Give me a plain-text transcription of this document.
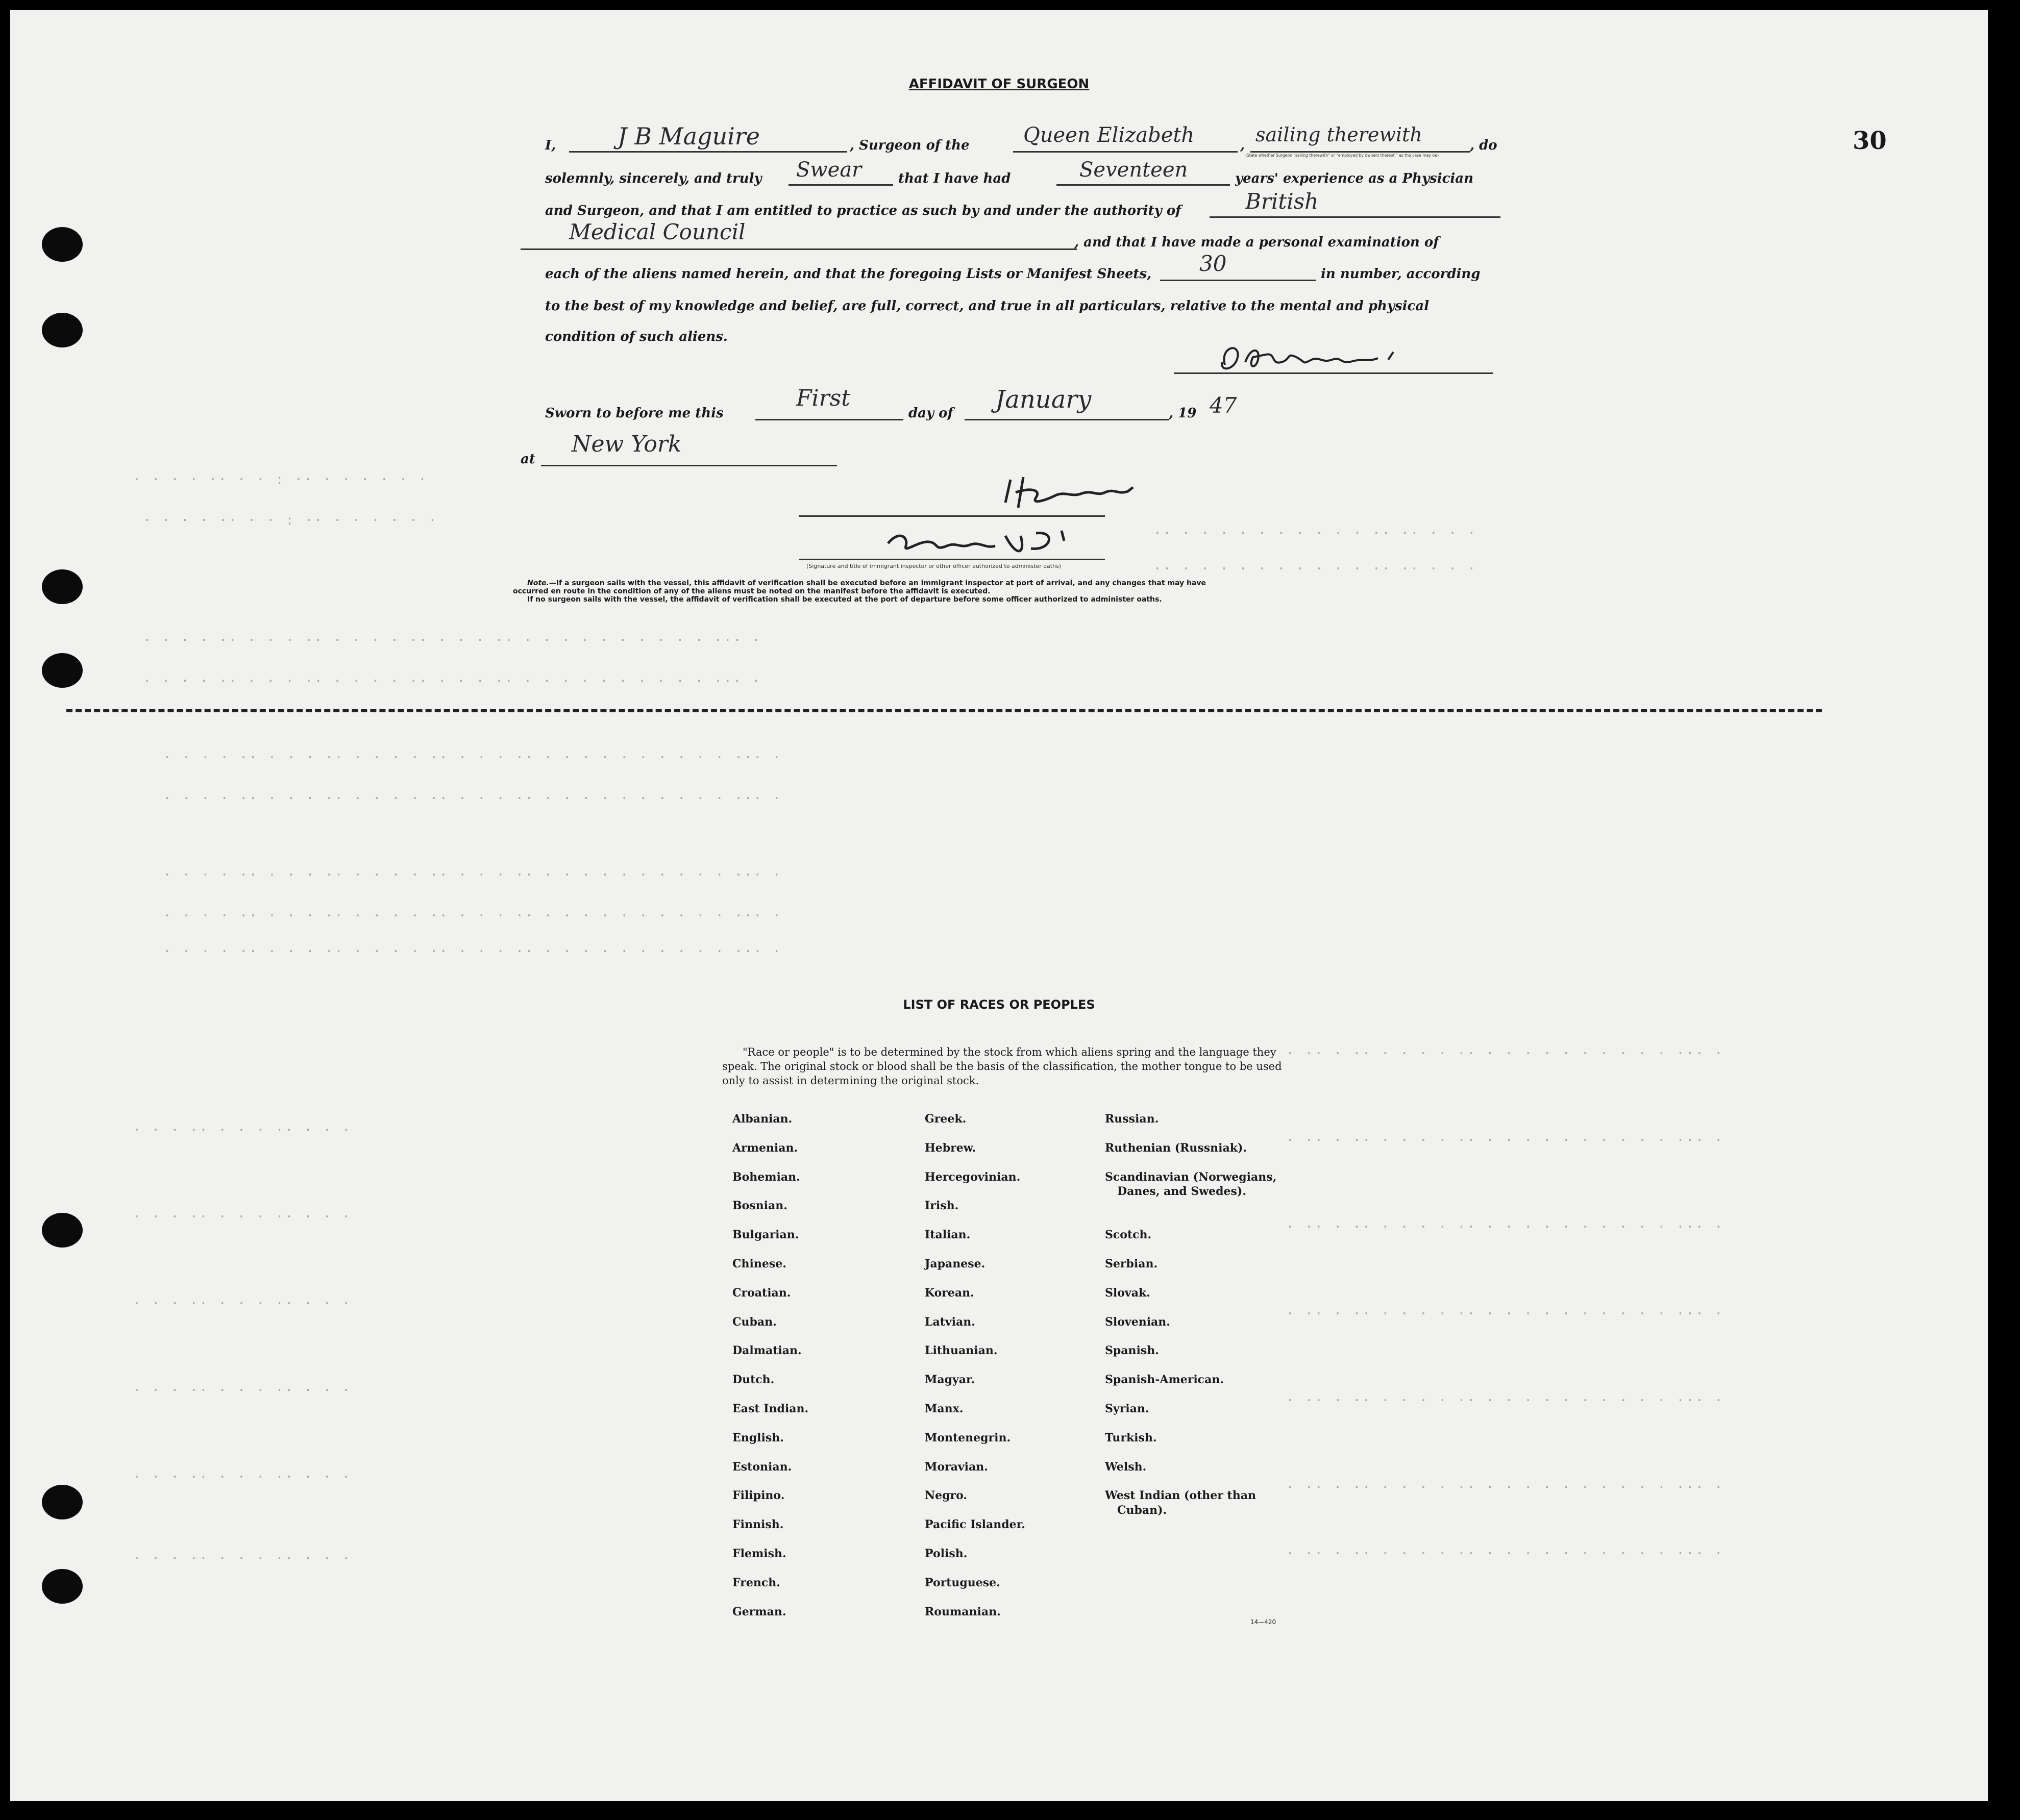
· · · · ·· · · : ·· · · · · · ·
· · · · ·· · · : ·· · · · · · ·
·· · · · · · · · · · · ·· ·· · · ·
·· · · · · · · · · · · ·· ·· · · ·
· · · · ·· · · · ·· · · · · ·· · · · ·· · · · · · · · · · · ··· ·
· · · · ·· · · · ·· · · · · ·· · · · ·· · · · · · · · · · · ··· ·
· · · · ·· · · · ·· · · · · ·· · · · ·· · · · · · · · · · · ··· ·
· · · · ·· · · · ·· · · · · ·· · · · ·· · · · · · · · · · · ··· ·
· · · · ·· · · · ·· · · · · ·· · · · ·· · · · · · · · · · · ··· ·
· · · · ·· · · · ·· · · · · ·· · · · ·· · · · · · · · · · · ··· ·
· · · · ·· · · · ·· · · · · ·· · · · ·· · · · · · · · · · · ··· ·
· ·· · ·· · · · · ·· · · · · · · · · · · ··· ·
· ·· · ·· · · · · ·· · · · · · · · · · · ··· ·
· ·· · ·· · · · · ·· · · · · · · · · · · ··· ·
· ·· · ·· · · · · ·· · · · · · · · · · · ··· ·
· ·· · ·· · · · · ·· · · · · · · · · · · ··· ·
· ·· · ·· · · · · ·· · · · · · · · · · · ··· ·
· ·· · ·· · · · · ·· · · · · · · · · · · ··· ·
· · · ·· · · · ·· · · ·
· · · ·· · · · ·· · · ·
· · · ·· · · · ·· · · ·
· · · ·· · · · ·· · · ·
· · · ·· · · · ·· · · ·
· · · ·· · · · ·· · · ·
30
AFFIDAVIT OF SURGEON
I,	J B Maguire	, Surgeon of the	Queen Elizabeth	, sailing therewith
(State whether Surgeon "sailing therewith" or "employed by owners thereof," as the case may be)
, do
solemnly, sincerely, and truly Swear	that I have had	Seventeen	years' experience as a Physician
and Surgeon, and that I am entitled to practice as such by and under the authority of	British
Medical Council	, and that I have made a personal examination of
each of the aliens named herein, and that the foregoing Lists or Manifest Sheets, 30	in number, according
to the best of my knowledge and belief, are full, correct, and true in all particulars, relative to the mental and physical
condition of such aliens.
Sworn to before me this
First
day of January	, 19 47
at
New York
(Signature and title of immigrant inspector or other officer authorized to administer oaths)

Note.—If a surgeon sails with the vessel, this affidavit of verification shall be executed before an immigrant inspector at port of arrival, and any changes that may have

occurred en route in the condition of any of the aliens must be noted on the manifest before the affidavit is executed.

If no surgeon sails with the vessel, the affidavit of verification shall be executed at the port of departure before some officer authorized to administer oaths.

LIST OF RACES OR PEOPLES
"Race or people" is to be determined by the stock from which aliens spring and the language they speak. The original stock or blood shall be the basis of the classification, the mother tongue to be used only to assist in determining the original stock.
Albanian.
Armenian.
Bohemian.
Bosnian.
Bulgarian.
Chinese.
Croatian.
Cuban.
Dalmatian.
Dutch.
East Indian.
English.
Estonian.
Filipino.
Finnish.
Flemish.
French.
German.
Greek.
Hebrew.
Hercegovinian.
Irish.
Italian.
Japanese.
Korean.
Latvian.
Lithuanian.
Magyar.
Manx.
Montenegrin.
Moravian.
Negro.
Pacific Islander.
Polish.
Portuguese.
Roumanian.
Russian.
Ruthenian (Russniak).
Scandinavian (Norwegians,
Danes, and Swedes).
Scotch.
Serbian.
Slovak.
Slovenian.
Spanish.
Spanish-American.
Syrian.
Turkish.
Welsh.
West Indian (other than
Cuban).
14—420
